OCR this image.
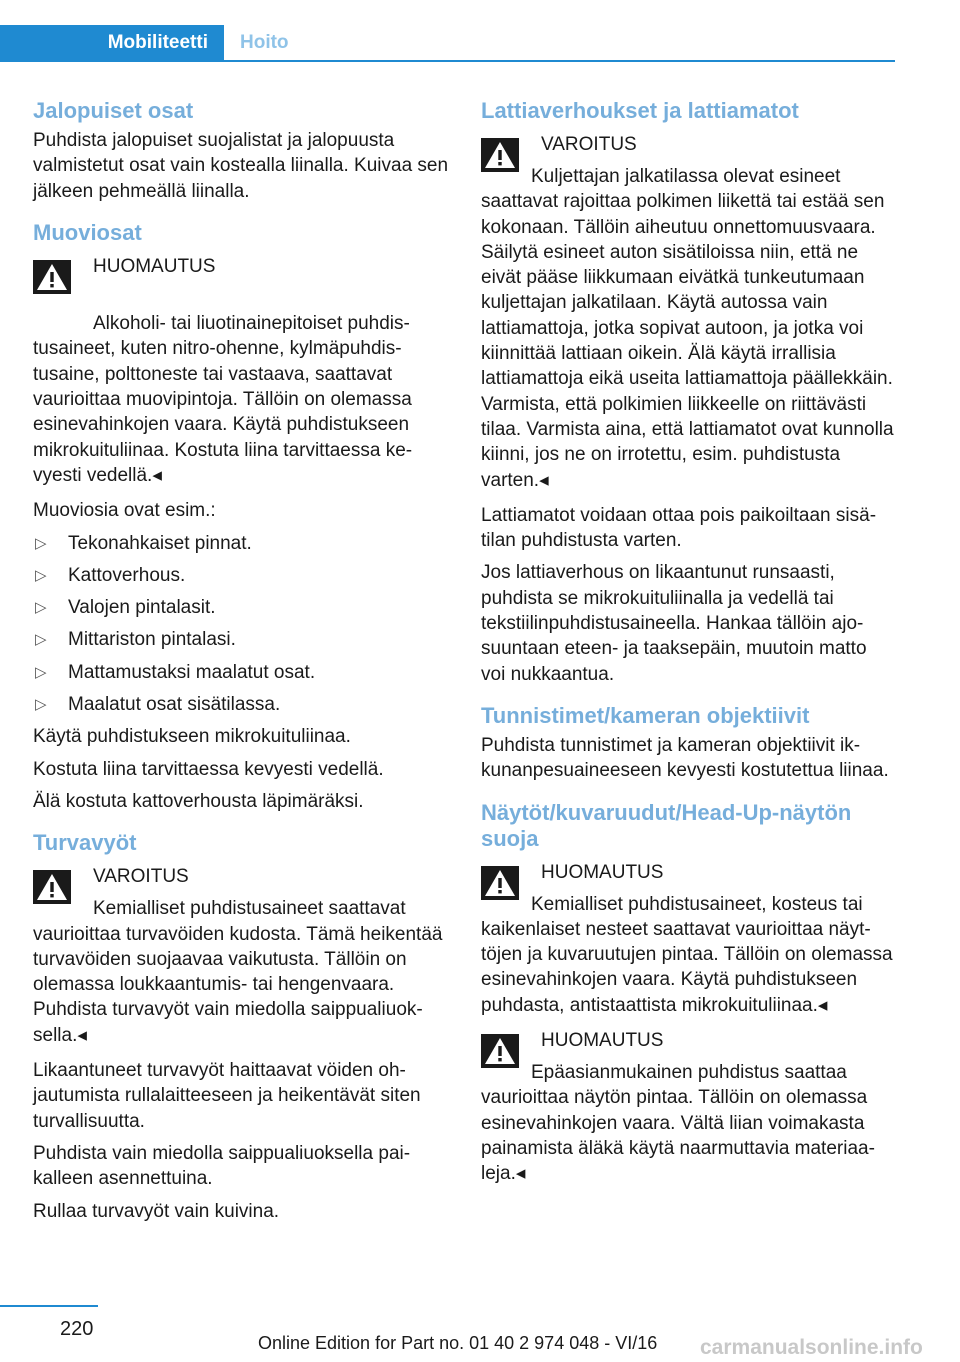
Mobiliteetti Hoito
Jalopuiset osat

Puhdista jalopuiset suojalistat ja jalopuusta valmistetut osat vain kostealla liinalla. Kuivaa sen jälkeen pehmeällä liinalla.

Muoviosat
HUOMAUTUS
Alkoholi- tai liuotinainepitoiset puhdistusaineet, kuten nitro-ohenne, kylmäpuhdistusaine, polttoneste tai vastaava, saattavat vaurioittaa muovipintoja. Tällöin on olemassa esinevahinkojen vaara. Käytä puhdistukseen mikrokuituliinaa. Kostuta liina tarvittaessa kevyesti vedellä.◂

Muoviosia ovat esim.:

▷	Tekonahkaiset pinnat.
▷	Kattoverhous.
▷	Valojen pintalasit.
▷	Mittariston pintalasi.
▷	Mattamustaksi maalatut osat.
▷	Maalatut osat sisätilassa.

Käytä puhdistukseen mikrokuituliinaa.

Kostuta liina tarvittaessa kevyesti vedellä.

Älä kostuta kattoverhousta läpimäräksi.

Turvavyöt
VAROITUS
Kemialliset puhdistusaineet saattavat vaurioittaa turvavöiden kudosta. Tämä heikentää turvavöiden suojaavaa vaikutusta. Tällöin on olemassa loukkaantumis- tai hengenvaara. Puhdista turvavyöt vain miedolla saippualiuoksella.◂

Likaantuneet turvavyöt haittaavat vöiden ohjautumista rullalaitteeseen ja heikentävät siten turvallisuutta.

Puhdista vain miedolla saippualiuoksella paikalleen asennettuina.

Rullaa turvavyöt vain kuivina.

Lattiaverhoukset ja lattiamatot
VAROITUS
Kuljettajan jalkatilassa olevat esineet saattavat rajoittaa polkimen liikettä tai estää sen kokonaan. Tällöin aiheutuu onnettomuusvaara. Säilytä esineet auton sisätiloissa niin, että ne eivät pääse liikkumaan eivätkä tunkeutumaan kuljettajan jalkatilaan. Käytä autossa vain lattiamattoja, jotka sopivat autoon, ja jotka voi kiinnittää lattiaan oikein. Älä käytä irrallisia lattiamattoja eikä useita lattiamattoja päällekkäin. Varmista, että polkimien liikkeelle on riittävästi tilaa. Varmista aina, että lattiamatot ovat kunnolla kiinni, jos ne on irrotettu, esim. puhdistusta varten.◂

Lattiamatot voidaan ottaa pois paikoiltaan sisätilan puhdistusta varten.

Jos lattiaverhous on likaantunut runsaasti, puhdista se mikrokuituliinalla ja vedellä tai tekstiilinpuhdistusaineella. Hankaa tällöin ajosuuntaan eteen- ja taaksepäin, muutoin matto voi nukkaantua.

Tunnistimet/kameran objektiivit

Puhdista tunnistimet ja kameran objektiivit ikkunanpesuaineeseen kevyesti kostutettua liinaa.

Näytöt/kuvaruudut/Head-Up-näytön suoja
HUOMAUTUS
Kemialliset puhdistusaineet, kosteus tai kaikenlaiset nesteet saattavat vaurioittaa näyttöjen ja kuvaruutujen pintaa. Tällöin on olemassa esinevahinkojen vaara. Käytä puhdistukseen puhdasta, antistaattista mikrokuituliinaa.◂
HUOMAUTUS
Epäasianmukainen puhdistus saattaa vaurioittaa näytön pintaa. Tällöin on olemassa esinevahinkojen vaara. Vältä liian voimakasta painamista äläkä käytä naarmuttavia materiaaleja.◂
220
Online Edition for Part no. 01 40 2 974 048 - VI/16 carmanualsonline.info
